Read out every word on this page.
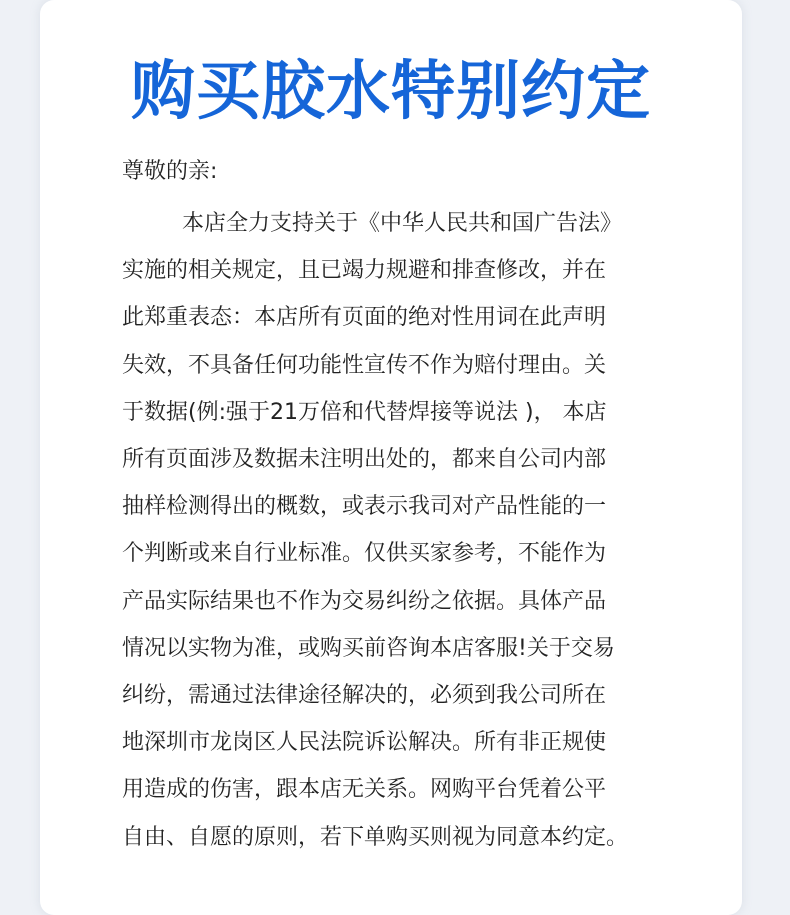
购买胶水特别约定

尊敬的亲:

本店全力支持关于《中华人民共和国广告法》
实施的相关规定，且已竭力规避和排查修改，并在
此郑重表态：本店所有页面的绝对性用词在此声明
失效，不具备任何功能性宣传不作为赔付理由。关
于数据(例:强于21万倍和代替焊接等说法 )， 本店
所有页面涉及数据未注明出处的，都来自公司内部
抽样检测得出的概数，或表示我司对产品性能的一
个判断或来自行业标准。仅供买家参考，不能作为
产品实际结果也不作为交易纠纷之依据。具体产品
情况以实物为准，或购买前咨询本店客服!关于交易
纠纷，需通过法律途径解决的，必须到我公司所在
地深圳市龙岗区人民法院诉讼解决。所有非正规使
用造成的伤害，跟本店无关系。网购平台凭着公平
自由、自愿的原则，若下单购买则视为同意本约定。
